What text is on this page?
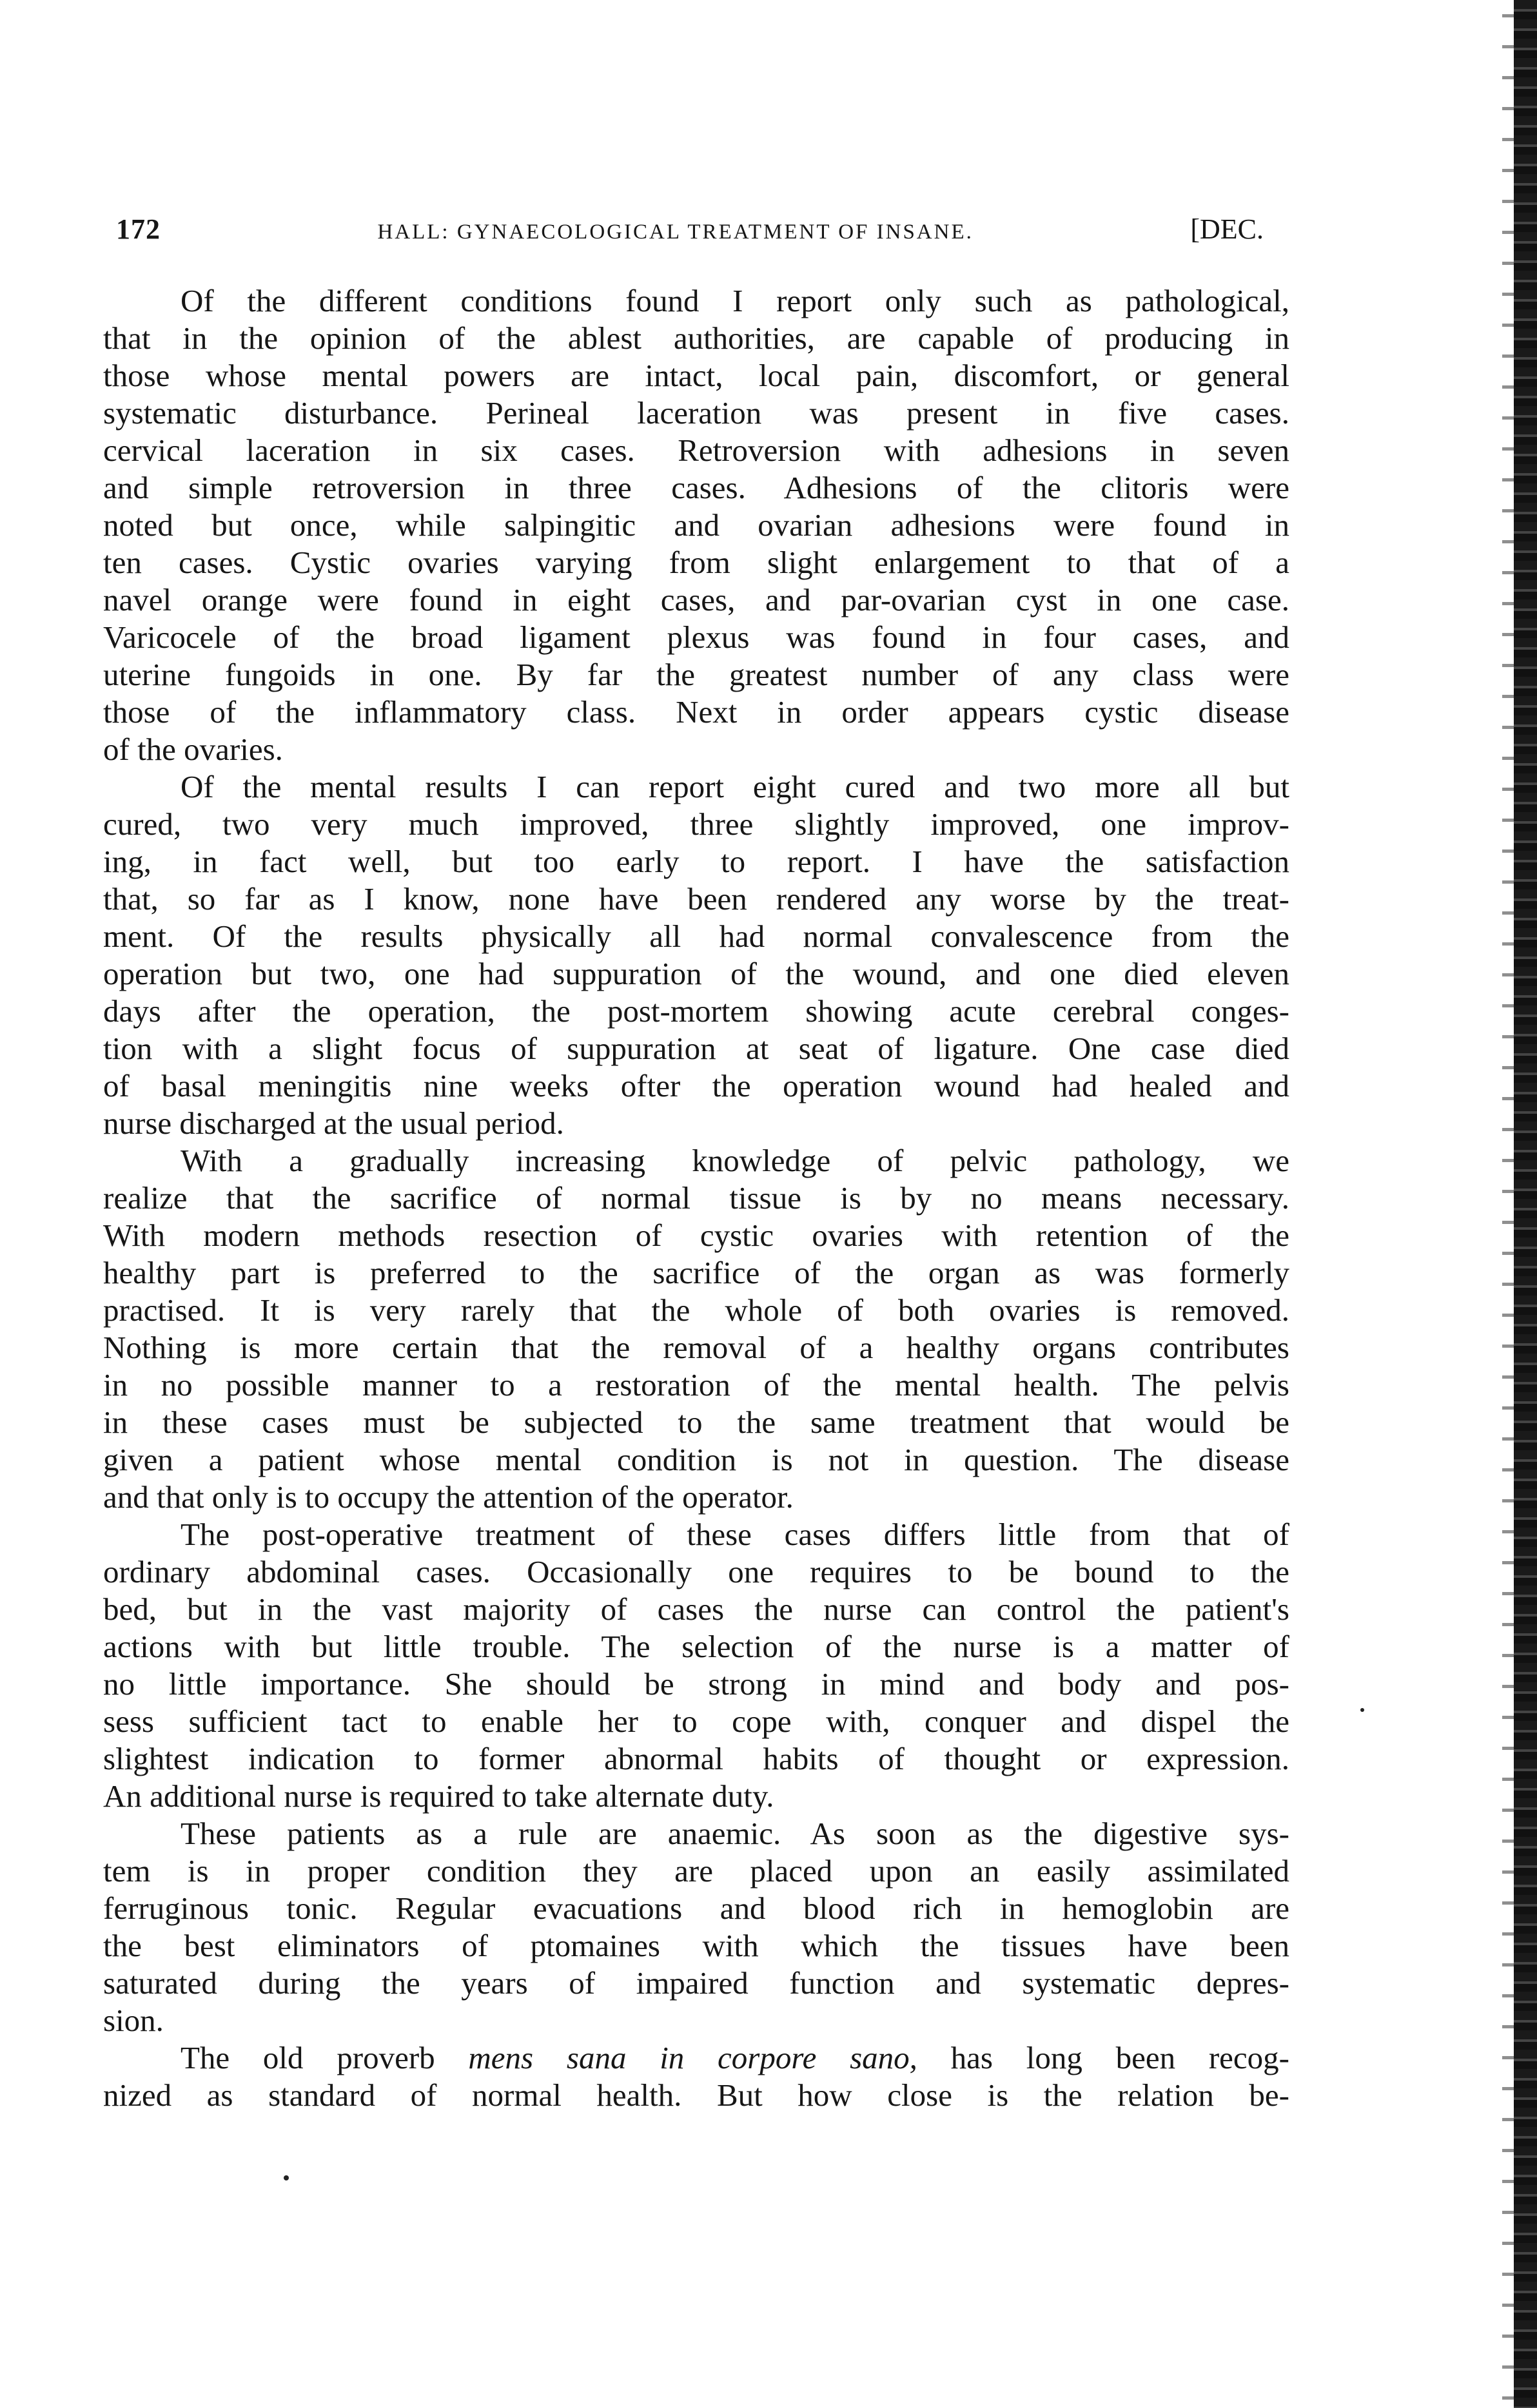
172	HALL: GYNAECOLOGICAL TREATMENT OF INSANE.	[DEC.
Of the different conditions found I report only such as pathological,
that in the opinion of the ablest authorities, are capable of producing in
those whose mental powers are intact, local pain, discomfort, or general
systematic disturbance. Perineal laceration was present in five cases.
cervical laceration in six cases. Retroversion with adhesions in seven
and simple retroversion in three cases. Adhesions of the clitoris were
noted but once, while salpingitic and ovarian adhesions were found in
ten cases. Cystic ovaries varying from slight enlargement to that of a
navel orange were found in eight cases, and par-ovarian cyst in one case.
Varicocele of the broad ligament plexus was found in four cases, and
uterine fungoids in one. By far the greatest number of any class were
those of the inflammatory class. Next in order appears cystic disease
of the ovaries.
Of the mental results I can report eight cured and two more all but
cured, two very much improved, three slightly improved, one improv-
ing, in fact well, but too early to report. I have the satisfaction
that, so far as I know, none have been rendered any worse by the treat-
ment. Of the results physically all had normal convalescence from the
operation but two, one had suppuration of the wound, and one died eleven
days after the operation, the post-mortem showing acute cerebral conges-
tion with a slight focus of suppuration at seat of ligature. One case died
of basal meningitis nine weeks ofter the operation wound had healed and
nurse discharged at the usual period.
With a gradually increasing knowledge of pelvic pathology, we
realize that the sacrifice of normal tissue is by no means necessary.
With modern methods resection of cystic ovaries with retention of the
healthy part is preferred to the sacrifice of the organ as was formerly
practised. It is very rarely that the whole of both ovaries is removed.
Nothing is more certain that the removal of a healthy organs contributes
in no possible manner to a restoration of the mental health. The pelvis
in these cases must be subjected to the same treatment that would be
given a patient whose mental condition is not in question. The disease
and that only is to occupy the attention of the operator.
The post-operative treatment of these cases differs little from that of
ordinary abdominal cases. Occasionally one requires to be bound to the
bed, but in the vast majority of cases the nurse can control the patient's
actions with but little trouble. The selection of the nurse is a matter of
no little importance. She should be strong in mind and body and pos-
sess sufficient tact to enable her to cope with, conquer and dispel the
slightest indication to former abnormal habits of thought or expression.
An additional nurse is required to take alternate duty.
These patients as a rule are anaemic. As soon as the digestive sys-
tem is in proper condition they are placed upon an easily assimilated
ferruginous tonic. Regular evacuations and blood rich in hemoglobin are
the best eliminators of ptomaines with which the tissues have been
saturated during the years of impaired function and systematic depres-
sion.
The old proverb mens sana in corpore sano, has long been recog-
nized as standard of normal health. But how close is the relation be-
